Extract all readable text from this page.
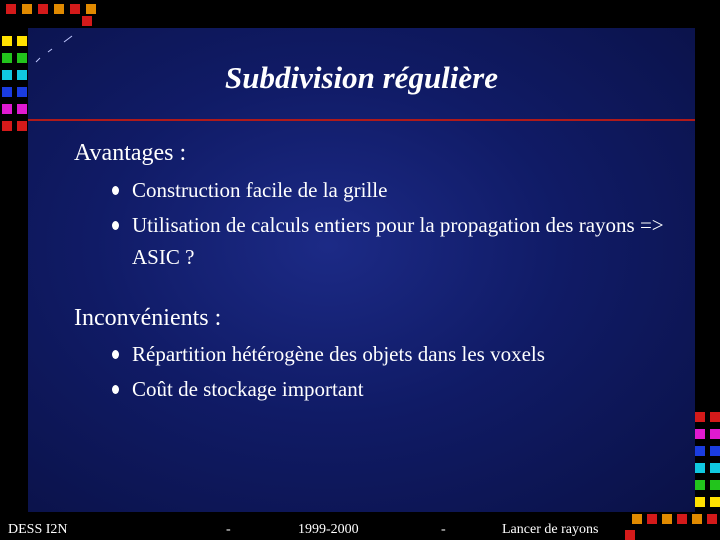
Subdivision régulière
Avantages :
Construction facile de la grille
Utilisation de calculs entiers pour la propagation des rayons => ASIC ?
Inconvénients :
Répartition hétérogène des objets dans les voxels
Coût de stockage important
DESS I2N	-	1999-2000	-	Lancer de rayons
